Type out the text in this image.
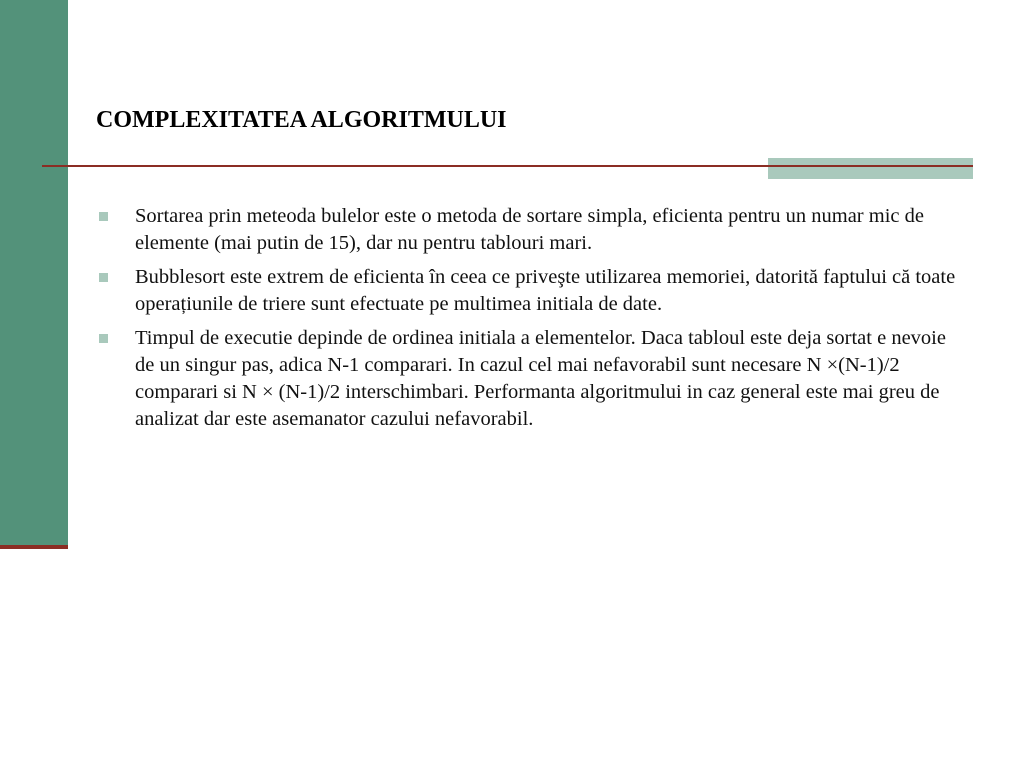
COMPLEXITATEA ALGORITMULUI
Sortarea prin meteoda bulelor este o metoda de sortare simpla, eficienta pentru un numar mic de elemente (mai putin de 15), dar nu pentru tablouri mari.
Bubblesort este extrem de eficienta în ceea ce priveşte utilizarea memoriei, datorită faptului că toate operațiunile de triere sunt efectuate pe multimea initiala de date.
Timpul de executie depinde de ordinea initiala a elementelor. Daca tabloul este deja sortat e nevoie de un singur pas, adica N-1 comparari. In cazul cel mai nefavorabil sunt necesare N ×(N-1)/2 comparari si N × (N-1)/2 interschimbari. Performanta algoritmului in caz general este mai greu de analizat dar este asemanator cazului nefavorabil.
